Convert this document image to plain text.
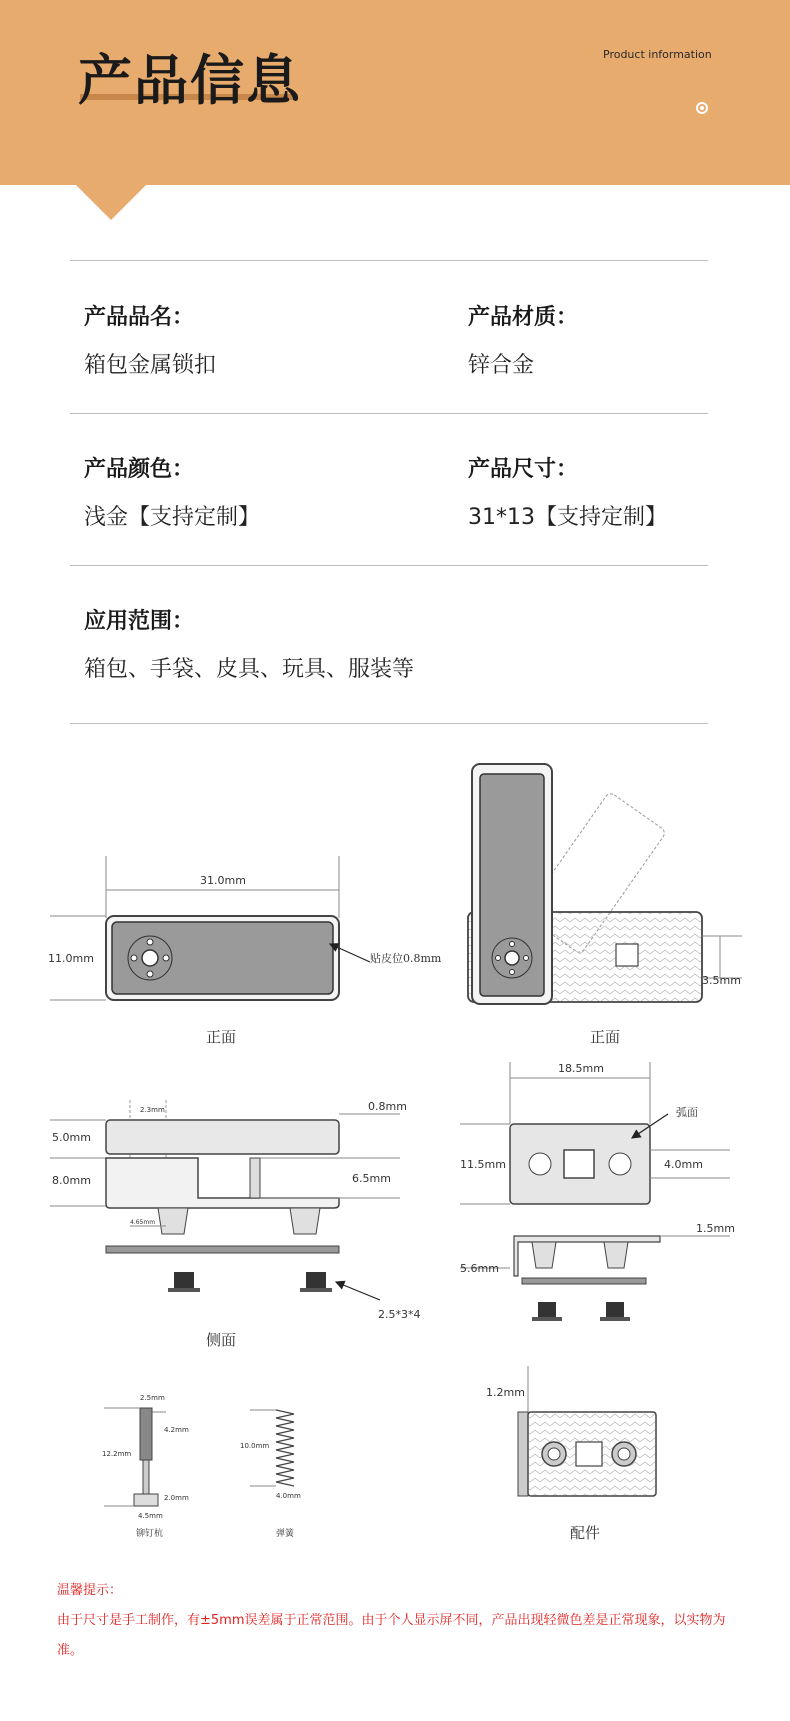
产品信息	Product information
产品品名：
箱包金属锁扣
产品材质：
锌合金
产品颜色：
浅金【支持定制】
产品尺寸：
31*13【支持定制】
应用范围：
箱包、手袋、皮具、玩具、服装等
31.0mm
11.0mm	贴皮位0.8mm
正面
3.5mm
正面
2.3mm
5.0mm
8.0mm
0.8mm
6.5mm
4.65mm
2.5*3*4
侧面
18.5mm
11.5mm	4.0mm
弧面
5.6mm
1.5mm
2.5mm
12.2mm
4.2mm
2.0mm
4.5mm
铆钉杭
10.0mm
4.0mm
弹簧
1.2mm
配件
温馨提示：
由于尺寸是手工制作，有±5mm误差属于正常范围。由于个人显示屏不同，产品出现轻微色差是正常现象，以实物为准。
